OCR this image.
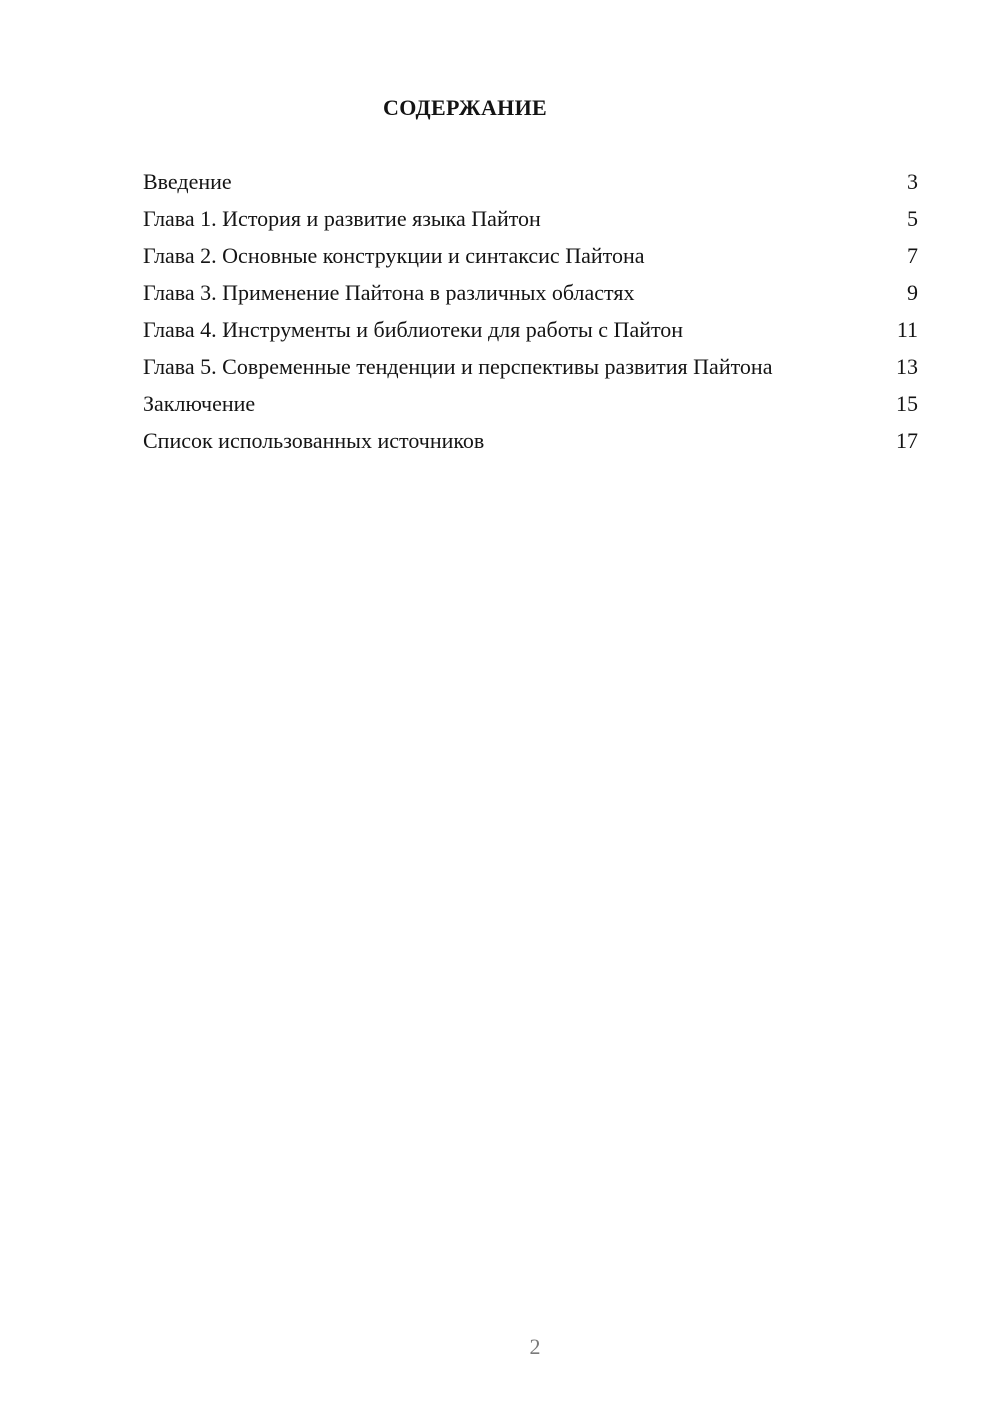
СОДЕРЖАНИЕ
Введение	3
Глава 1. История и развитие языка Пайтон	5
Глава 2. Основные конструкции и синтаксис Пайтона	7
Глава 3. Применение Пайтона в различных областях	9
Глава 4. Инструменты и библиотеки для работы с Пайтон	11
Глава 5. Современные тенденции и перспективы развития Пайтона	13
Заключение	15
Список использованных источников	17
2
